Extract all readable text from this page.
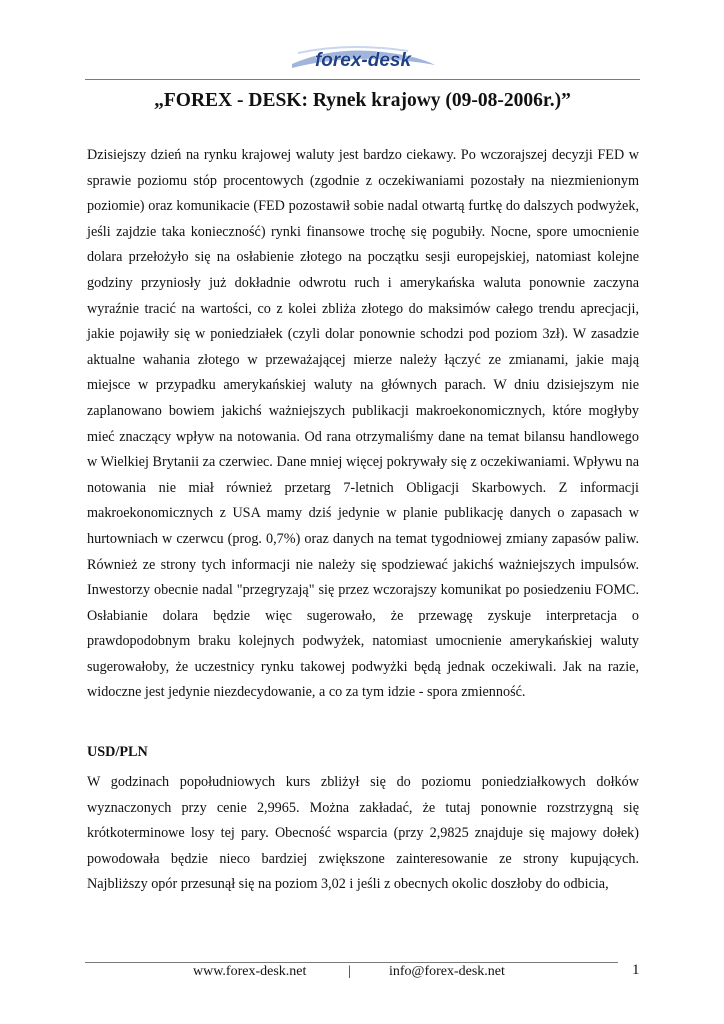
forex-desk
„FOREX - DESK: Rynek krajowy (09-08-2006r.)”

Dzisiejszy dzień na rynku krajowej waluty jest bardzo ciekawy. Po wczorajszej decyzji FED w sprawie poziomu stóp procentowych (zgodnie z oczekiwaniami pozostały na niezmienionym poziomie) oraz komunikacie (FED pozostawił sobie nadal otwartą furtkę do dalszych podwyżek, jeśli zajdzie taka konieczność) rynki finansowe trochę się pogubiły. Nocne, spore umocnienie dolara przełożyło się na osłabienie złotego na początku sesji europejskiej, natomiast kolejne godziny przyniosły już dokładnie odwrotu ruch i amerykańska waluta ponownie zaczyna wyraźnie tracić na wartości, co z kolei zbliża złotego do maksimów całego trendu aprecjacji, jakie pojawiły się w poniedziałek (czyli dolar ponownie schodzi pod poziom 3zł). W zasadzie aktualne wahania złotego w przeważającej mierze należy łączyć ze zmianami, jakie mają miejsce w przypadku amerykańskiej waluty na głównych parach. W dniu dzisiejszym nie zaplanowano bowiem jakichś ważniejszych publikacji makroekonomicznych, które mogłyby mieć znaczący wpływ na notowania. Od rana otrzymaliśmy dane na temat bilansu handlowego w Wielkiej Brytanii za czerwiec. Dane mniej więcej pokrywały się z oczekiwaniami. Wpływu na notowania nie miał również przetarg 7-letnich Obligacji Skarbowych. Z informacji makroekonomicznych z USA mamy dziś jedynie w planie publikację danych o zapasach w hurtowniach w czerwcu (prog. 0,7%) oraz danych na temat tygodniowej zmiany zapasów paliw. Również ze strony tych informacji nie należy się spodziewać jakichś ważniejszych impulsów. Inwestorzy obecnie nadal "przegryzają" się przez wczorajszy komunikat po posiedzeniu FOMC. Osłabianie dolara będzie więc sugerowało, że przewagę zyskuje interpretacja o prawdopodobnym braku kolejnych podwyżek, natomiast umocnienie amerykańskiej waluty sugerowałoby, że uczestnicy rynku takowej podwyżki będą jednak oczekiwali. Jak na razie, widoczne jest jedynie niezdecydowanie, a co za tym idzie - spora zmienność.

USD/PLN

W godzinach popołudniowych kurs zbliżył się do poziomu poniedziałkowych dołków wyznaczonych przy cenie 2,9965. Można zakładać, że tutaj ponownie rozstrzygną się krótkoterminowe losy tej pary. Obecność wsparcia (przy 2,9825 znajduje się majowy dołek) powodowała będzie nieco bardziej zwiększone zainteresowanie ze strony kupujących. Najbliższy opór przesunął się na poziom 3,02 i jeśli z obecnych okolic doszłoby do odbicia,

www.forex-desk.net	|	info@forex-desk.net	1
